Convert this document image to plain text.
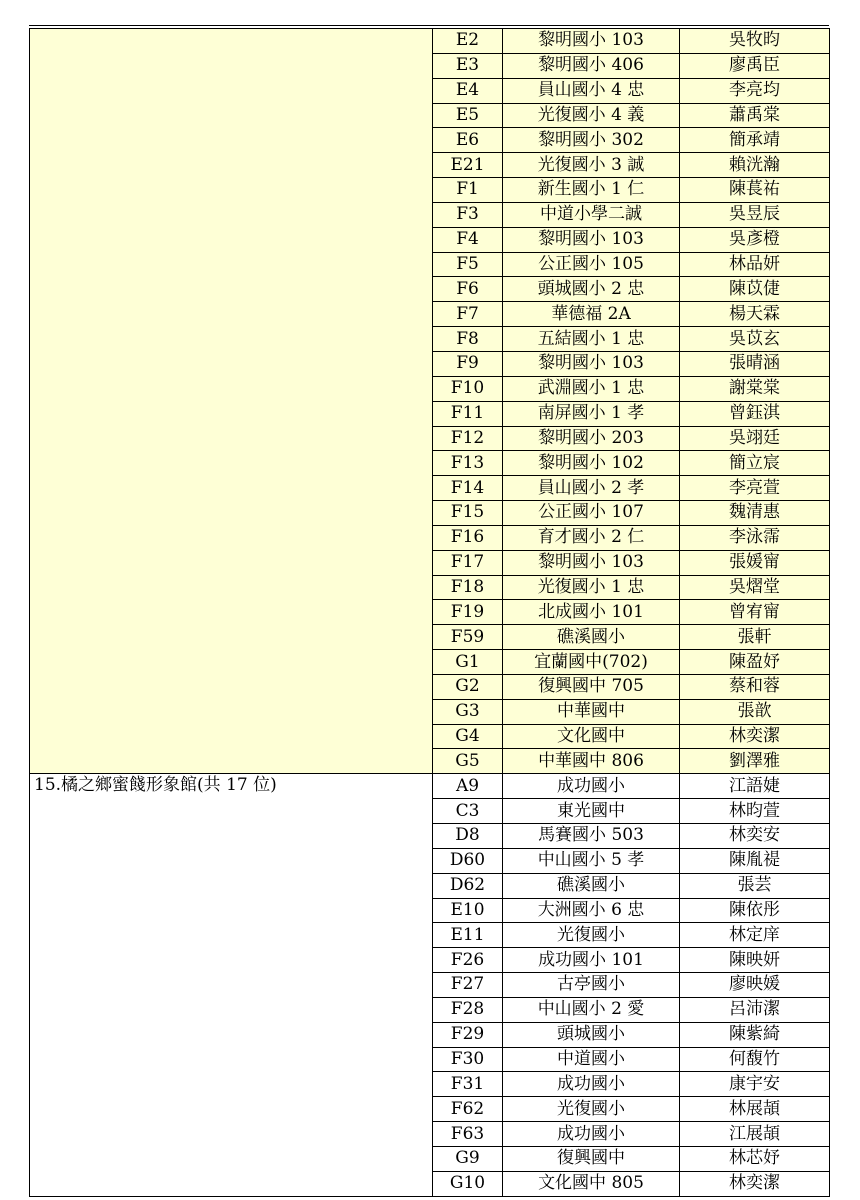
	E2	黎明國小 103	吳牧昀
	E3	黎明國小 406	廖禹臣
	E4	員山國小 4 忠	李亮均
	E5	光復國小 4 義	蕭禹棠
	E6	黎明國小 302	簡承靖
	E21	光復國小 3 誠	賴洸瀚
	F1	新生國小 1 仁	陳萇祐
	F3	中道小學二誠	吳昱辰
	F4	黎明國小 103	吳彥橙
	F5	公正國小 105	林品妍
	F6	頭城國小 2 忠	陳苡倢
	F7	華德福 2A	楊天霖
	F8	五結國小 1 忠	吳苡玄
	F9	黎明國小 103	張晴涵
	F10	武淵國小 1 忠	謝棠棠
	F11	南屏國小 1 孝	曾鈺淇
	F12	黎明國小 203	吳翊廷
	F13	黎明國小 102	簡立宸
	F14	員山國小 2 孝	李亮萱
	F15	公正國小 107	魏清惠
	F16	育才國小 2 仁	李泳霈
	F17	黎明國小 103	張媛甯
	F18	光復國小 1 忠	吳熠堂
	F19	北成國小 101	曾宥甯
	F59	礁溪國小	張軒
	G1	宜蘭國中(702)	陳盈妤
	G2	復興國中 705	蔡和蓉
	G3	中華國中	張歆
	G4	文化國中	林奕潔
	G5	中華國中 806	劉澤雅
15.橘之鄉蜜餞形象館(共 17 位)	A9	成功國小	江語婕
	C3	東光國中	林昀萱
	D8	馬賽國小 503	林奕安
	D60	中山國小 5 孝	陳胤禔
	D62	礁溪國小	張芸
	E10	大洲國小 6 忠	陳依彤
	E11	光復國小	林定庠
	F26	成功國小 101	陳映妍
	F27	古亭國小	廖映媛
	F28	中山國小 2 愛	呂沛潔
	F29	頭城國小	陳紫綺
	F30	中道國小	何馥竹
	F31	成功國小	康宇安
	F62	光復國小	林展頡
	F63	成功國小	江展頡
	G9	復興國中	林芯妤
	G10	文化國中 805	林奕潔
